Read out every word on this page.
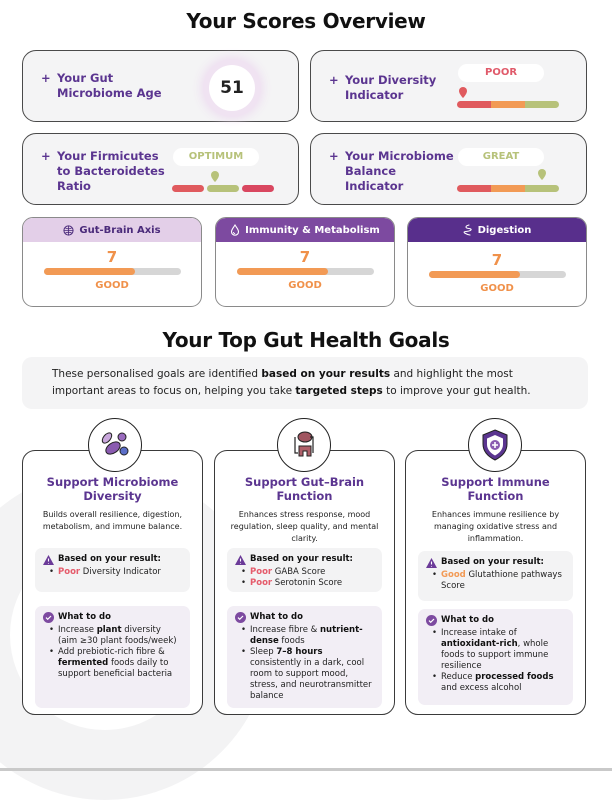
Your Scores Overview
+ Your Gut
Microbiome Age	51	+ Your Diversity
Indicator
POOR
+ Your Firmicutes
to Bacteroidetes
Ratio
OPTIMUM	+ Your Microbiome
Balance
Indicator
GREAT
Gut-Brain Axis
7
GOOD
Immunity & Metabolism
7
GOOD
Digestion
7
GOOD
Your Top Gut Health Goals
These personalised goals are identified based on your results and highlight the most important areas to focus on, helping you take targeted steps to improve your gut health.
Support Microbiome Diversity
Builds overall resilience, digestion, metabolism, and immune balance.
Based on your result:
• Poor Diversity Indicator
What to do
• Increase plant diversity (aim ≥30 plant foods/week)
• Add prebiotic-rich fibre & fermented foods daily to support beneficial bacteria
Support Gut–Brain Function
Enhances stress response, mood regulation, sleep quality, and mental clarity.
Based on your result:
• Poor GABA Score
• Poor Serotonin Score
What to do
• Increase fibre & nutrient-dense foods
• Sleep 7–8 hours consistently in a dark, cool room to support mood, stress, and neurotransmitter balance
Support Immune Function
Enhances immune resilience by managing oxidative stress and inflammation.
Based on your result:
• Good Glutathione pathways Score
What to do
• Increase intake of antioxidant-rich, whole foods to support immune resilience
• Reduce processed foods and excess alcohol
